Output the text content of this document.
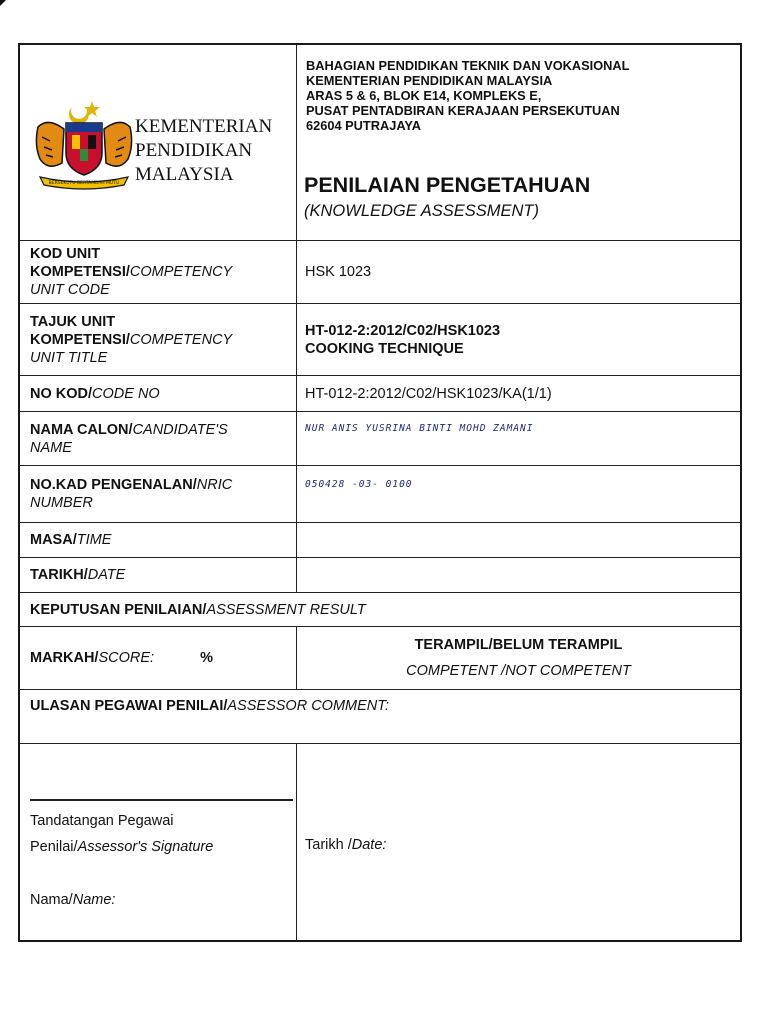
BERSEKUTU BERTAMBAH MUTU
KEMENTERIAN
PENDIDIKAN
MALAYSIA
BAHAGIAN PENDIDIKAN TEKNIK DAN VOKASIONAL
KEMENTERIAN PENDIDIKAN MALAYSIA
ARAS 5 & 6, BLOK E14, KOMPLEKS E,
PUSAT PENTADBIRAN KERAJAAN PERSEKUTUAN
62604 PUTRAJAYA
PENILAIAN PENGETAHUAN
(KNOWLEDGE ASSESSMENT)
KOD UNIT
KOMPETENSI/COMPETENCY
UNIT CODE
HSK 1023
TAJUK UNIT
KOMPETENSI/COMPETENCY
UNIT TITLE
HT-012-2:2012/C02/HSK1023
COOKING TECHNIQUE
NO KOD/CODE NO	HT-012-2:2012/C02/HSK1023/KA(1/1)
NAMA CALON/CANDIDATE'S
NAME
NUR ANIS YUSRINA BINTI MOHD ZAMANI
NO.KAD PENGENALAN/NRIC
NUMBER
050428 -03- 0100
MASA/TIME
TARIKH/DATE
KEPUTUSAN PENILAIAN/ ASSESSMENT RESULT
MARKAH/ SCORE:	%
TERAMPIL/BELUM TERAMPIL
COMPETENT /NOT COMPETENT
ULASAN PEGAWAI PENILAI/ ASSESSOR COMMENT:
Tandatangan Pegawai
Penilai/Assessor's Signature
Nama/Name:
Tarikh /Date:
